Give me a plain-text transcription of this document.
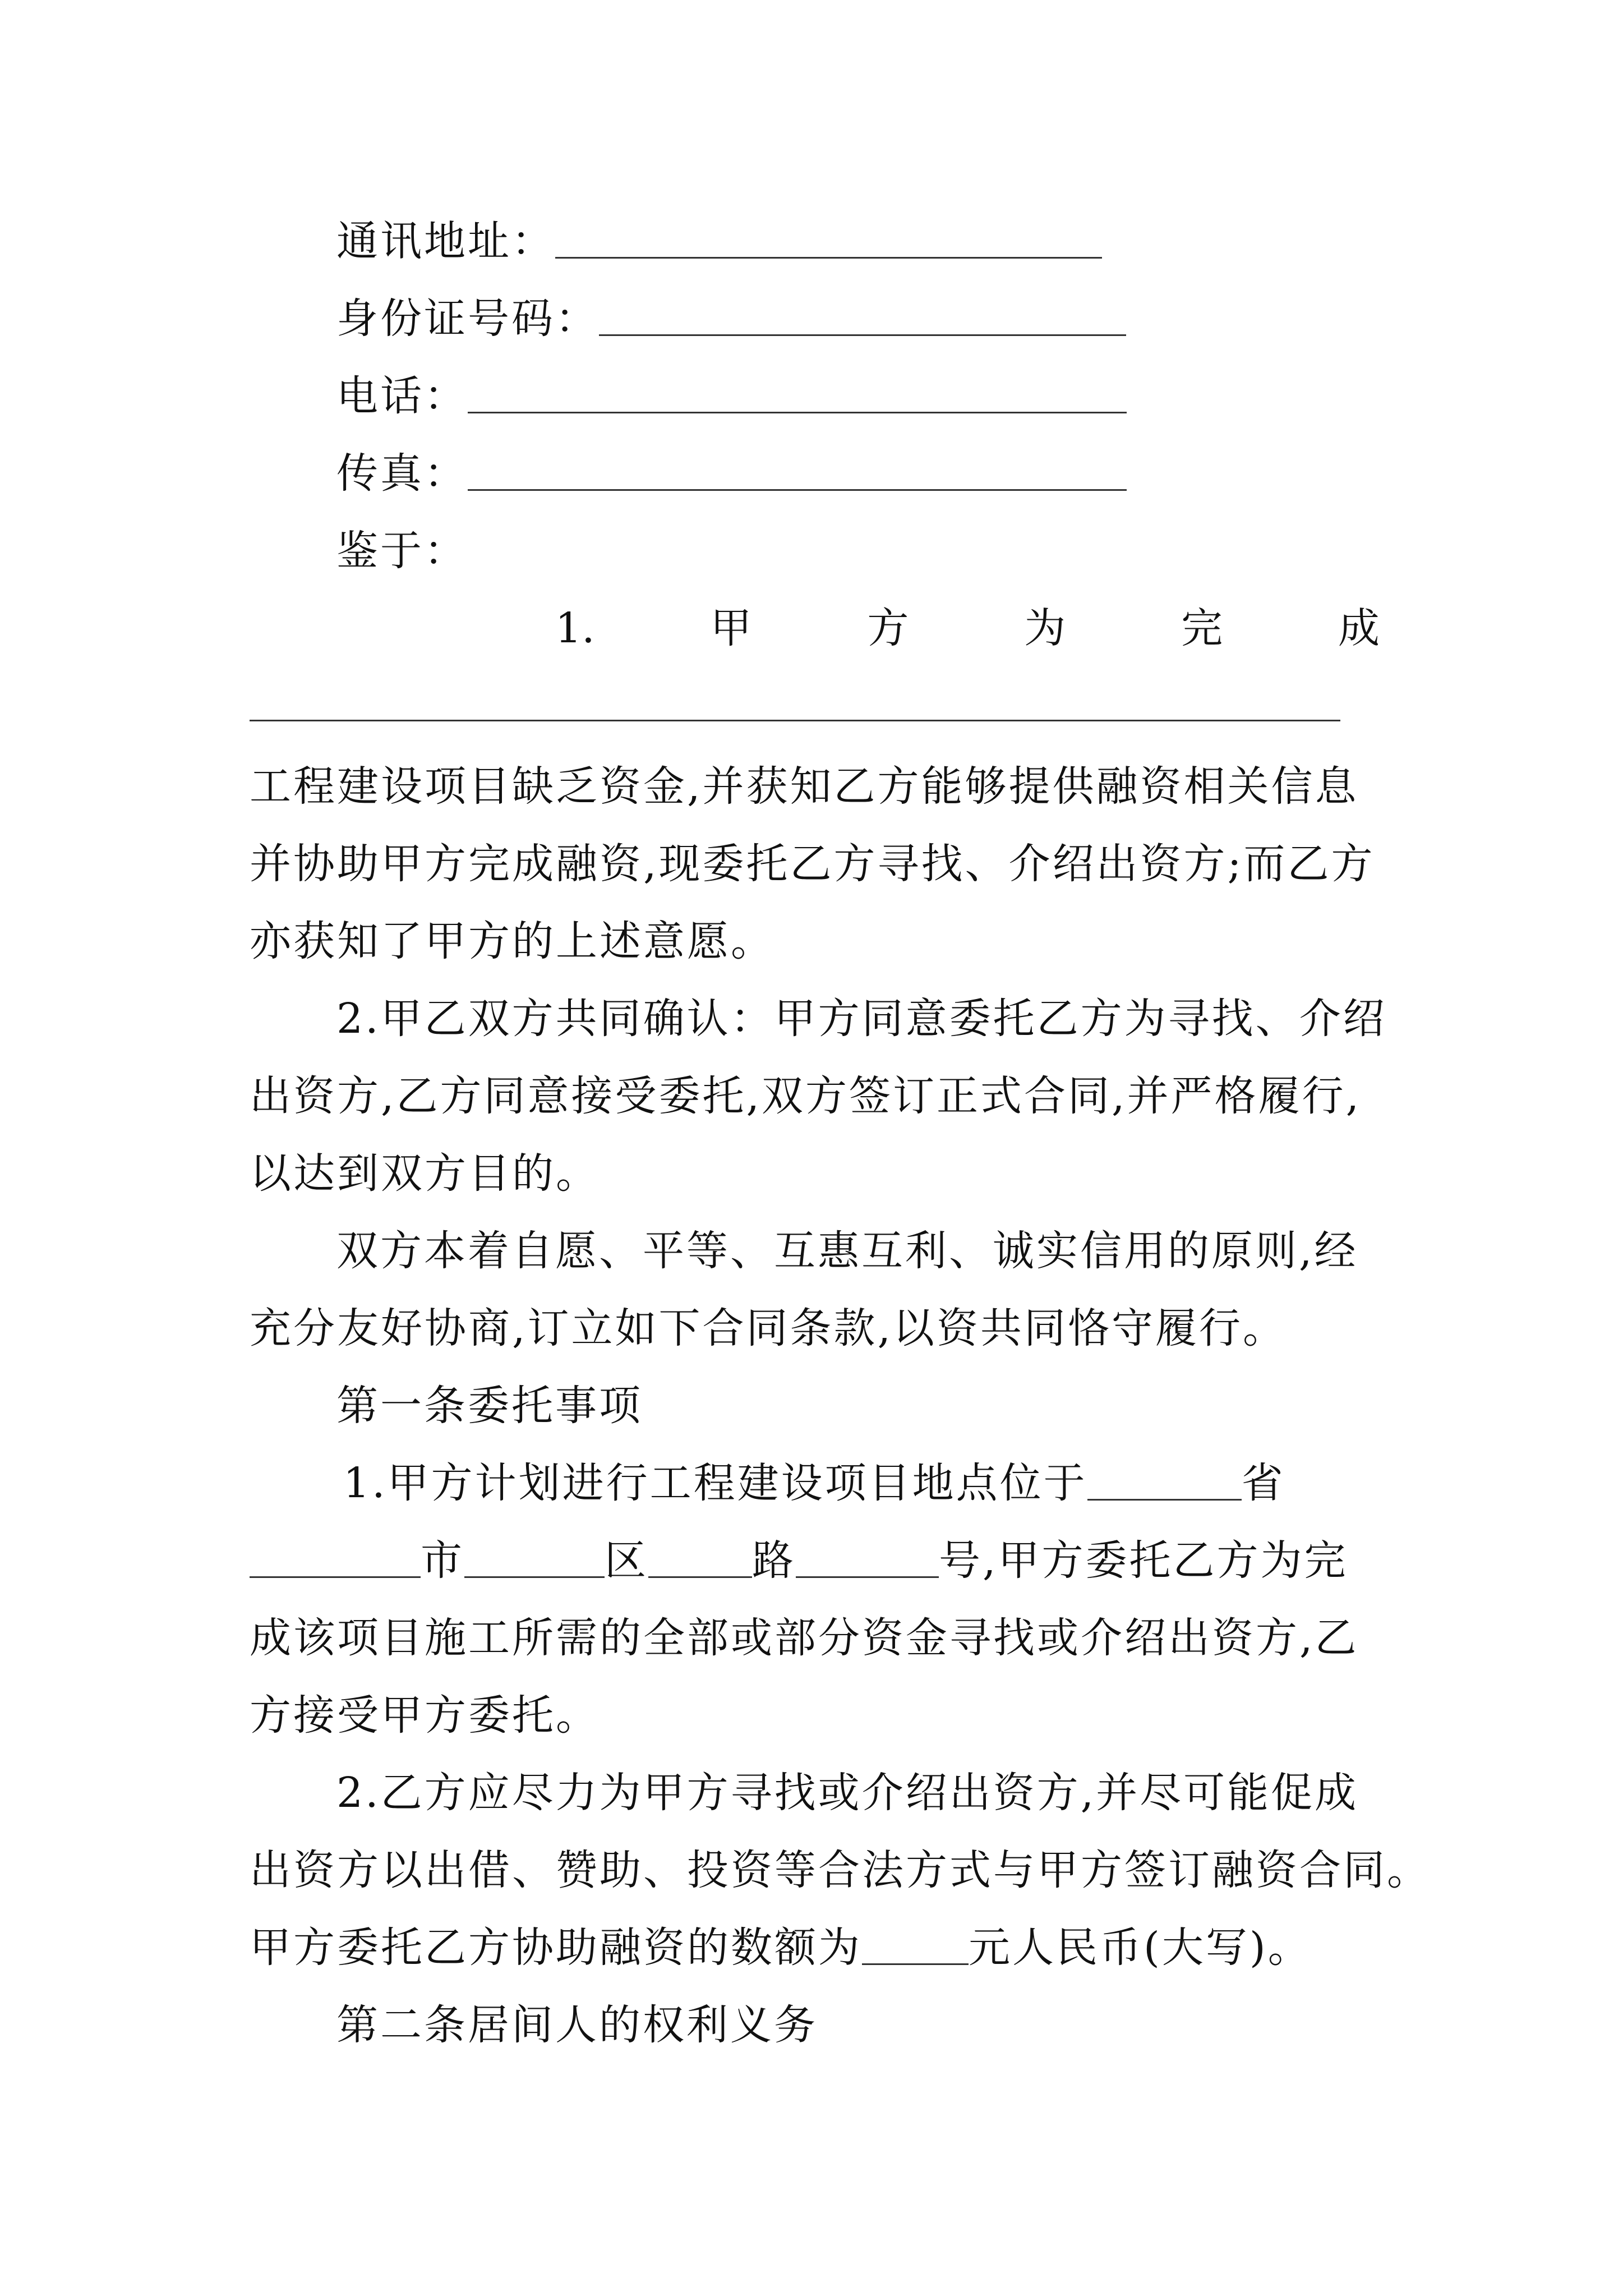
通讯地址：
身份证号码：
电话：
传真：
鉴于：
1.	甲	方	为	完	成
工程建设项目缺乏资金,并获知乙方能够提供融资相关信息
并协助甲方完成融资,现委托乙方寻找、介绍出资方;而乙方
亦获知了甲方的上述意愿。
2.甲乙双方共同确认：甲方同意委托乙方为寻找、介绍
出资方,乙方同意接受委托,双方签订正式合同,并严格履行,
以达到双方目的。
双方本着自愿、平等、互惠互利、诚实信用的原则,经
充分友好协商,订立如下合同条款,以资共同恪守履行。
第一条委托事项
1.甲方计划进行工程建设项目地点位于	省
市	区	路	号,甲方委托乙方为完
成该项目施工所需的全部或部分资金寻找或介绍出资方,乙
方接受甲方委托。
2.乙方应尽力为甲方寻找或介绍出资方,并尽可能促成
出资方以出借、赞助、投资等合法方式与甲方签订融资合同。
甲方委托乙方协助融资的数额为	元人民币(大写)。
第二条居间人的权利义务
